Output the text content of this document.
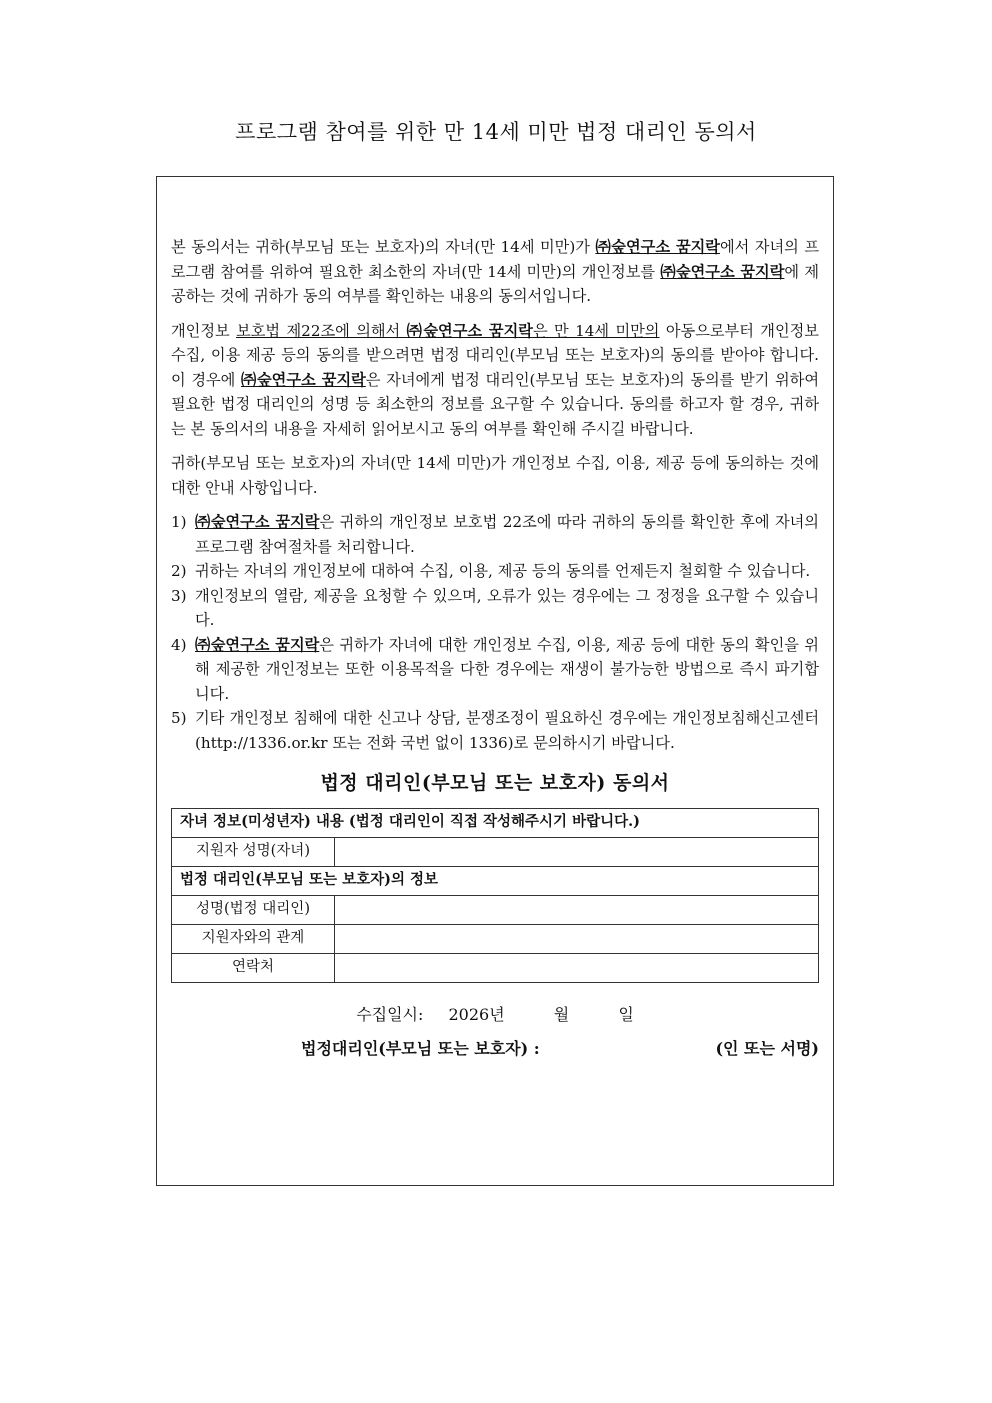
프로그램 참여를 위한 만 14세 미만 법정 대리인 동의서

본 동의서는 귀하(부모님 또는 보호자)의 자녀(만 14세 미만)가 ㈜숲연구소 꿈지락에서 자녀의 프로그램 참여를 위하여 필요한 최소한의 자녀(만 14세 미만)의 개인정보를 ㈜숲연구소 꿈지락에 제공하는 것에 귀하가 동의 여부를 확인하는 내용의 동의서입니다.

개인정보 보호법 제22조에 의해서 ㈜숲연구소 꿈지락은 만 14세 미만의 아동으로부터 개인정보 수집, 이용 제공 등의 동의를 받으려면 법정 대리인(부모님 또는 보호자)의 동의를 받아야 합니다. 이 경우에 ㈜숲연구소 꿈지락은 자녀에게 법정 대리인(부모님 또는 보호자)의 동의를 받기 위하여 필요한 법정 대리인의 성명 등 최소한의 정보를 요구할 수 있습니다. 동의를 하고자 할 경우, 귀하는 본 동의서의 내용을 자세히 읽어보시고 동의 여부를 확인해 주시길 바랍니다.

귀하(부모님 또는 보호자)의 자녀(만 14세 미만)가 개인정보 수집, 이용, 제공 등에 동의하는 것에 대한 안내 사항입니다.

1) ㈜숲연구소 꿈지락은 귀하의 개인정보 보호법 22조에 따라 귀하의 동의를 확인한 후에 자녀의 프로그램 참여절차를 처리합니다.
2) 귀하는 자녀의 개인정보에 대하여 수집, 이용, 제공 등의 동의를 언제든지 철회할 수 있습니다.
3) 개인정보의 열람, 제공을 요청할 수 있으며, 오류가 있는 경우에는 그 정정을 요구할 수 있습니다.
4) ㈜숲연구소 꿈지락은 귀하가 자녀에 대한 개인정보 수집, 이용, 제공 등에 대한 동의 확인을 위해 제공한 개인정보는 또한 이용목적을 다한 경우에는 재생이 불가능한 방법으로 즉시 파기합니다.
5) 기타 개인정보 침해에 대한 신고나 상담, 분쟁조정이 필요하신 경우에는 개인정보침해신고센터 (http://1336.or.kr 또는 전화 국번 없이 1336)로 문의하시기 바랍니다.
법정 대리인(부모님 또는 보호자) 동의서
자녀 정보(미성년자) 내용 (법정 대리인이 직접 작성해주시기 바랍니다.)	
지원자 성명(자녀)	
법정 대리인(부모님 또는 보호자)의 정보	
성명(법정 대리인)	
지원자와의 관계	
연락처	
수집일시: 2026년	월	일
법정대리인(부모님 또는 보호자) :	(인 또는 서명)
